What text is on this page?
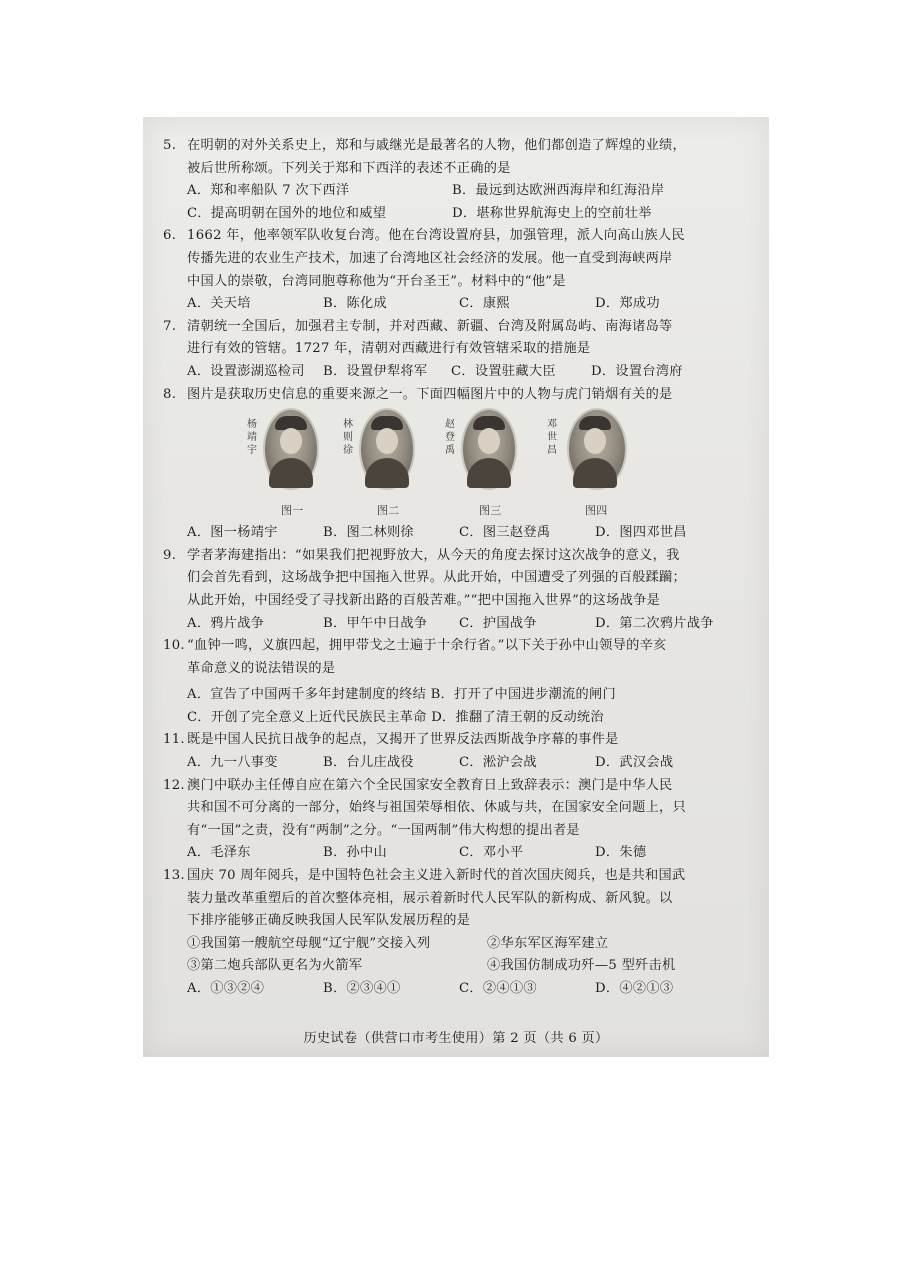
5. 在明朝的对外关系史上，郑和与戚继光是最著名的人物，他们都创造了辉煌的业绩，

被后世所称颂。下列关于郑和下西洋的表述不正确的是

A．郑和率船队 7 次下西洋	B．最远到达欧洲西海岸和红海沿岸
C．提高明朝在国外的地位和威望	D．堪称世界航海史上的空前壮举

6. 1662 年，他率领军队收复台湾。他在台湾设置府县，加强管理，派人向高山族人民

传播先进的农业生产技术，加速了台湾地区社会经济的发展。他一直受到海峡两岸

中国人的崇敬，台湾同胞尊称他为“开台圣王”。材料中的“他”是

A．关天培	B．陈化成	C．康熙	D．郑成功

7. 清朝统一全国后，加强君主专制，并对西藏、新疆、台湾及附属岛屿、南海诸岛等

进行有效的管辖。1727 年，清朝对西藏进行有效管辖采取的措施是

A．设置澎湖巡检司	B．设置伊犁将军	C．设置驻藏大臣	D．设置台湾府

8. 图片是获取历史信息的重要来源之一。下面四幅图片中的人物与虎门销烟有关的是

杨靖宇
图一
林则徐
图二
赵登禹
图三
邓世昌
图四
A．图一杨靖宇	B．图二林则徐	C．图三赵登禹	D．图四邓世昌

9. 学者茅海建指出：“如果我们把视野放大，从今天的角度去探讨这次战争的意义，我

们会首先看到，这场战争把中国拖入世界。从此开始，中国遭受了列强的百般蹂躏；

从此开始，中国经受了寻找新出路的百般苦难。”“把中国拖入世界”的这场战争是

A．鸦片战争	B．甲午中日战争	C．护国战争	D．第二次鸦片战争

10. “血钟一鸣，义旗四起，拥甲带戈之士遍于十余行省。”以下关于孙中山领导的辛亥

革命意义的说法错误的是

A．宣告了中国两千多年封建制度的终结 B．打开了中国进步潮流的闸门
C．开创了完全意义上近代民族民主革命 D．推翻了清王朝的反动统治

11. 既是中国人民抗日战争的起点，又揭开了世界反法西斯战争序幕的事件是

A．九一八事变	B．台儿庄战役	C．淞沪会战	D．武汉会战

12. 澳门中联办主任傅自应在第六个全民国家安全教育日上致辞表示：澳门是中华人民

共和国不可分离的一部分，始终与祖国荣辱相依、休戚与共，在国家安全问题上，只

有“一国”之责，没有“两制”之分。“一国两制”伟大构想的提出者是

A．毛泽东	B．孙中山	C．邓小平	D．朱德

13. 国庆 70 周年阅兵，是中国特色社会主义进入新时代的首次国庆阅兵，也是共和国武

装力量改革重塑后的首次整体亮相，展示着新时代人民军队的新构成、新风貌。以

下排序能够正确反映我国人民军队发展历程的是

①我国第一艘航空母舰“辽宁舰”交接入列	②华东军区海军建立
③第二炮兵部队更名为火箭军	④我国仿制成功歼—5 型歼击机
A．①③②④	B．②③④①	C．②④①③	D．④②①③
历史试卷（供营口市考生使用）第 2 页（共 6 页）
